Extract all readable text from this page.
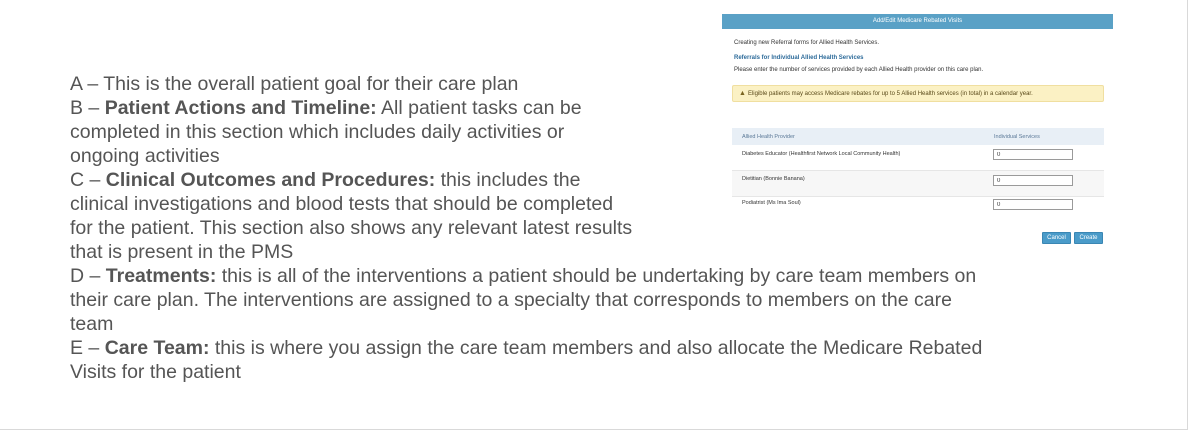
Add/Edit Medicare Rebated Visits
Creating new Referral forms for Allied Health Services.
Referrals for Individual Allied Health Services
Please enter the number of services provided by each Allied Health provider on this care plan.
▲ Eligible patients may access Medicare rebates for up to 5 Allied Health services (in total) in a calendar year.
Allied Health Provider	Individual Services
Diabetes Educator (Healthfirst Network Local Community Health)
0
Dietitian (Bonnie Banana)
0
Podiatrist (Ms Ima Soul)
0
Cancel	Create
A – This is the overall patient goal for their care plan
B – Patient Actions and Timeline: All patient tasks can be
completed in this section which includes daily activities or
ongoing activities
C – Clinical Outcomes and Procedures: this includes the
clinical investigations and blood tests that should be completed
for the patient. This section also shows any relevant latest results
that is present in the PMS
D – Treatments: this is all of the interventions a patient should be undertaking by care team members on
their care plan. The interventions are assigned to a specialty that corresponds to members on the care
team
E – Care Team: this is where you assign the care team members and also allocate the Medicare Rebated
Visits for the patient
